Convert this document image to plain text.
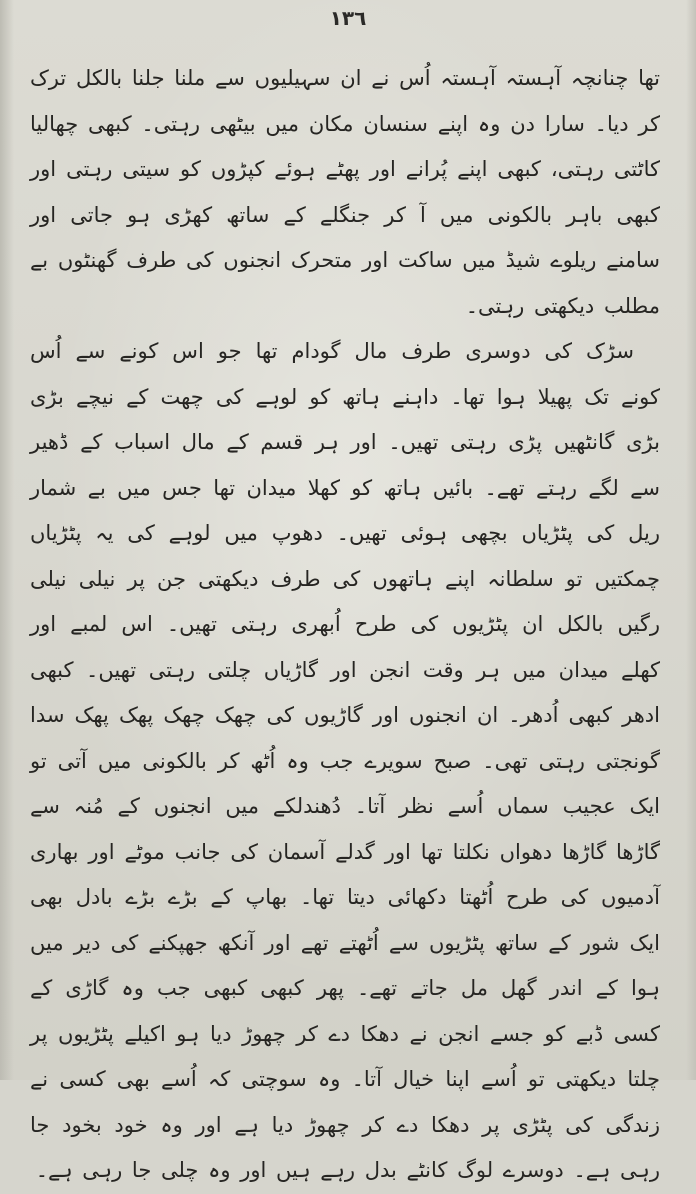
١٣٦

تھا چنانچہ آہستہ آہستہ اُس نے ان سہیلیوں سے ملنا جلنا بالکل ترک کر دیا۔ سارا دن وہ اپنے سنسان مکان میں بیٹھی رہتی۔ کبھی چھالیا کاٹتی رہتی، کبھی اپنے پُرانے اور پھٹے ہوئے کپڑوں کو سیتی رہتی اور کبھی باہر بالکونی میں آ کر جنگلے کے ساتھ کھڑی ہو جاتی اور سامنے ریلوے شیڈ میں ساکت اور متحرک انجنوں کی طرف گھنٹوں بے مطلب دیکھتی رہتی۔

سڑک کی دوسری طرف مال گودام تھا جو اس کونے سے اُس کونے تک پھیلا ہوا تھا۔ داہنے ہاتھ کو لوہے کی چھت کے نیچے بڑی بڑی گانٹھیں پڑی رہتی تھیں۔ اور ہر قسم کے مال اسباب کے ڈھیر سے لگے رہتے تھے۔ بائیں ہاتھ کو کھلا میدان تھا جس میں بے شمار ریل کی پٹڑیاں بچھی ہوئی تھیں۔ دھوپ میں لوہے کی یہ پٹڑیاں چمکتیں تو سلطانہ اپنے ہاتھوں کی طرف دیکھتی جن پر نیلی نیلی رگیں بالکل ان پٹڑیوں کی طرح اُبھری رہتی تھیں۔ اس لمبے اور کھلے میدان میں ہر وقت انجن اور گاڑیاں چلتی رہتی تھیں۔ کبھی ادھر کبھی اُدھر۔ ان انجنوں اور گاڑیوں کی چھک چھک پھک پھک سدا گونجتی رہتی تھی۔ صبح سویرے جب وہ اُٹھ کر بالکونی میں آتی تو ایک عجیب سماں اُسے نظر آتا۔ دُھندلکے میں انجنوں کے مُنہ سے گاڑھا گاڑھا دھواں نکلتا تھا اور گدلے آسمان کی جانب موٹے اور بھاری آدمیوں کی طرح اُٹھتا دکھائی دیتا تھا۔ بھاپ کے بڑے بڑے بادل بھی ایک شور کے ساتھ پٹڑیوں سے اُٹھتے تھے اور آنکھ جھپکنے کی دیر میں ہوا کے اندر گھل مل جاتے تھے۔ پھر کبھی کبھی جب وہ گاڑی کے کسی ڈبے کو جسے انجن نے دھکا دے کر چھوڑ دیا ہو اکیلے پٹڑیوں پر چلتا دیکھتی تو اُسے اپنا خیال آتا۔ وہ سوچتی کہ اُسے بھی کسی نے زندگی کی پٹڑی پر دھکا دے کر چھوڑ دیا ہے اور وہ خود بخود جا رہی ہے۔ دوسرے لوگ کانٹے بدل رہے ہیں اور وہ چلی جا رہی ہے۔
